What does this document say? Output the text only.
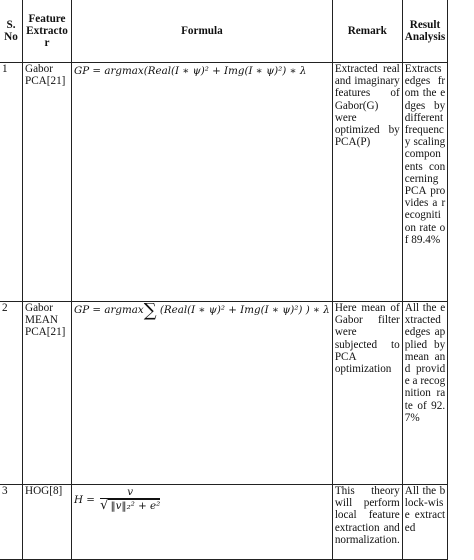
S. No	Feature Extracto r	Formula	Remark	Result Analysis
1	Gabor PCA[21]	GP = argmax(Real(I ∗ ψ)² + Img(I ∗ ψ)²) ∗ λ	Extracted real and imaginary features of Gabor(G) were optimized by PCA(P)	Extracts edges from the edges by different frequency scaling components concerning PCA provides a recognition rate of 89.4%
2	Gabor MEAN PCA[21]	GP = argmax∑ (Real(I ∗ ψ)² + Img(I ∗ ψ)²) ) ∗ λ	Here mean of Gabor filter were subjected to PCA optimization	All the extracted edges applied by mean and provide a recognition rate of 92.7%
3	HOG[8]	$H = \frac{v}{\text{√ ‖v‖₂² + e²}}$	This theory will perform local feature extraction and normalization.	All the block-wise extracted
